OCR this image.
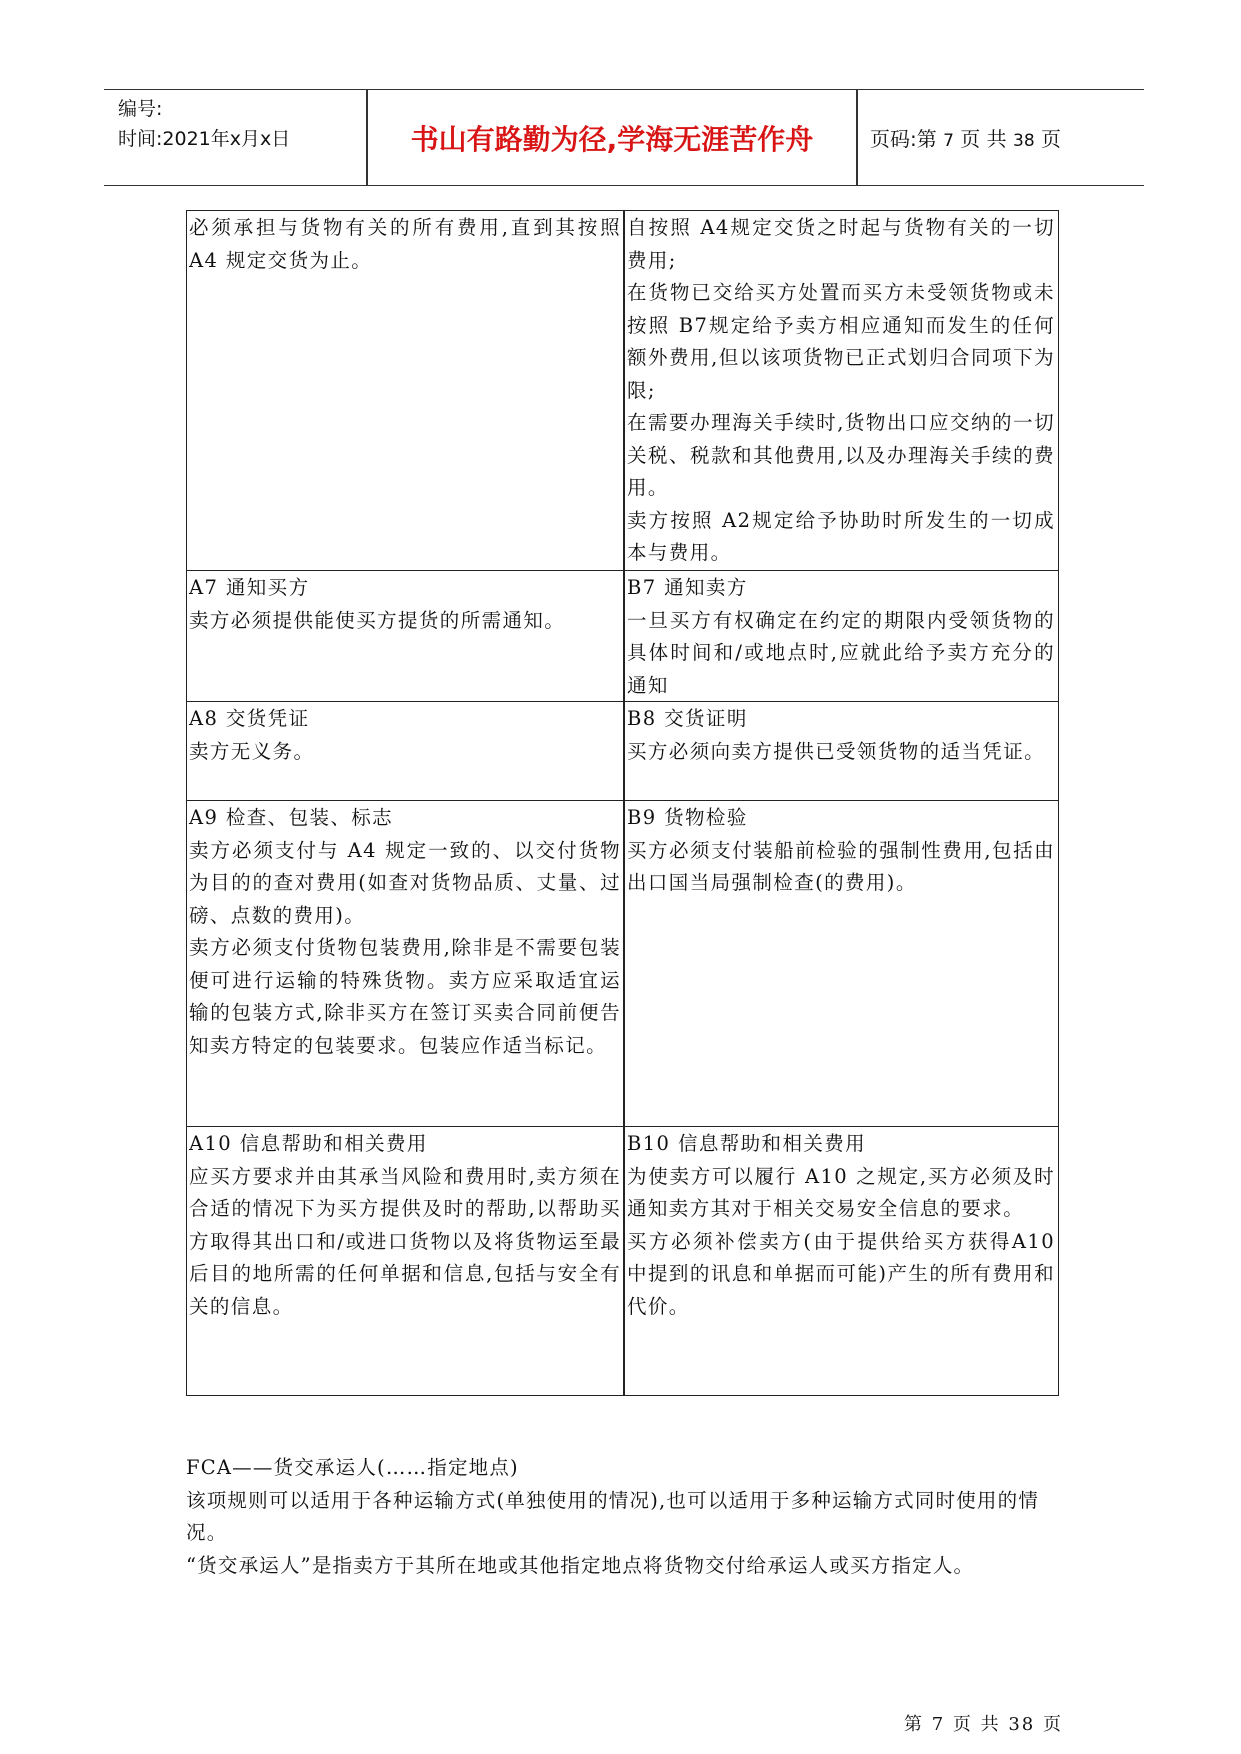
编号:
时间:2021年x月x日	书山有路勤为径,学海无涯苦作舟	页码:第 7 页 共 38 页

必须承担与货物有关的所有费用,直到其按照 A4 规定交货为止。

自按照 A4规定交货之时起与货物有关的一切费用;

在货物已交给买方处置而买方未受领货物或未按照 B7规定给予卖方相应通知而发生的任何额外费用,但以该项货物已正式划归合同项下为限;

在需要办理海关手续时,货物出口应交纳的一切关税、税款和其他费用,以及办理海关手续的费用。

卖方按照 A2规定给予协助时所发生的一切成本与费用。

A7 通知买方

卖方必须提供能使买方提货的所需通知。

B7 通知卖方

一旦买方有权确定在约定的期限内受领货物的具体时间和/或地点时,应就此给予卖方充分的通知

A8 交货凭证

卖方无义务。

B8 交货证明

买方必须向卖方提供已受领货物的适当凭证。

A9 检查、包装、标志

卖方必须支付与 A4 规定一致的、以交付货物为目的的查对费用(如查对货物品质、丈量、过磅、点数的费用)。

卖方必须支付货物包装费用,除非是不需要包装便可进行运输的特殊货物。卖方应采取适宜运输的包装方式,除非买方在签订买卖合同前便告知卖方特定的包装要求。包装应作适当标记。

B9 货物检验

买方必须支付装船前检验的强制性费用,包括由出口国当局强制检查(的费用)。

A10 信息帮助和相关费用

应买方要求并由其承当风险和费用时,卖方须在合适的情况下为买方提供及时的帮助,以帮助买方取得其出口和/或进口货物以及将货物运至最后目的地所需的任何单据和信息,包括与安全有关的信息。

B10 信息帮助和相关费用

为使卖方可以履行 A10 之规定,买方必须及时通知卖方其对于相关交易安全信息的要求。

买方必须补偿卖方(由于提供给买方获得A10 中提到的讯息和单据而可能)产生的所有费用和代价。

FCA——货交承运人(……指定地点)

该项规则可以适用于各种运输方式(单独使用的情况),也可以适用于多种运输方式同时使用的情况。

“货交承运人”是指卖方于其所在地或其他指定地点将货物交付给承运人或买方指定人。

第 7 页 共 38 页
